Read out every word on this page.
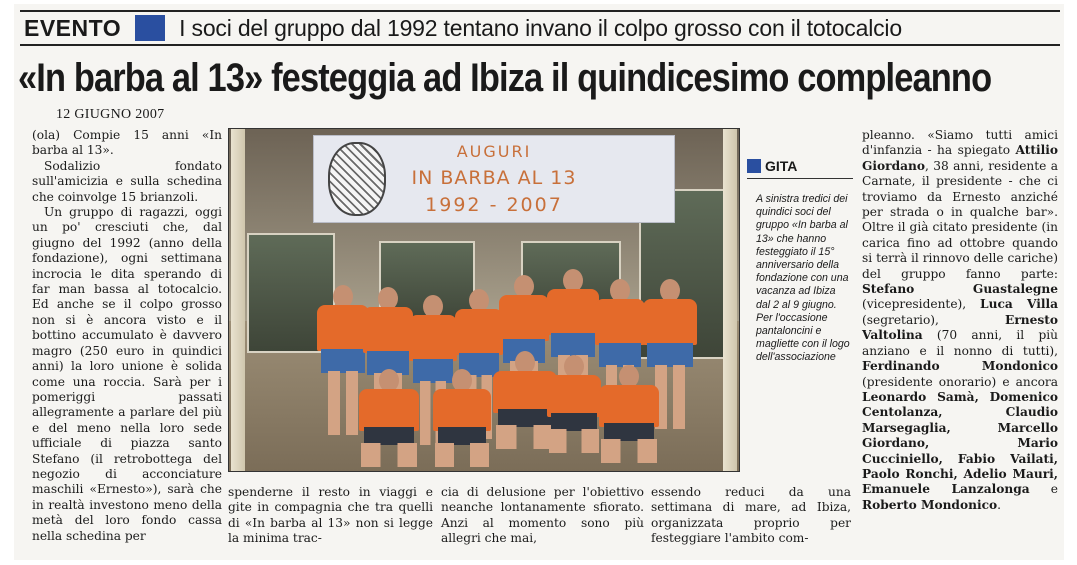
EVENTO	I soci del gruppo dal 1992 tentano invano il colpo grosso con il totocalcio
«In barba al 13» festeggia ad Ibiza il quindicesimo compleanno
12 GIUGNO 2007

(ola) Compie 15 anni «In barba al 13».

Sodalizio fondato sull'amicizia e sulla schedina che coinvolge 15 brianzoli.

Un gruppo di ragazzi, oggi un po' cresciuti che, dal giugno del 1992 (anno della fondazione), ogni settimana incrocia le dita sperando di far man bassa al totocalcio. Ed anche se il colpo grosso non si è ancora visto e il bottino accumulato è davvero magro (250 euro in quindici anni) la loro unione è solida come una roccia. Sarà per i pomeriggi passati allegramente a parlare del più e del meno nella loro sede ufficiale di piazza santo Stefano (il retrobottega del negozio di acconciature maschili «Ernesto»), sarà che in realtà investono meno della metà del loro fondo cassa nella schedina per

AUGURI
IN BARBA AL 13
1992 - 2007
GITA
A sinistra tredici dei quindici soci del gruppo «In barba al 13» che hanno festeggiato il 15° anniversario della fondazione con una vacanza ad Ibiza dal 2 al 9 giugno. Per l'occasione pantaloncini e magliette con il logo dell'associazione
spenderne il resto in viaggi e gite in compagnia che tra quelli di «In barba al 13» non si legge la minima trac-
cia di delusione per l'obiettivo neanche lontanamente sfiorato. Anzi al momento sono più allegri che mai,
essendo reduci da una settimana di mare, ad Ibiza, organizzata proprio per festeggiare l'ambito com-

pleanno. «Siamo tutti amici d'infanzia - ha spiegato Attilio Giordano, 38 anni, residente a Carnate, il presidente - che ci troviamo da Ernesto anziché per strada o in qualche bar». Oltre il già citato presidente (in carica fino ad ottobre quando si terrà il rinnovo delle cariche) del gruppo fanno parte: Stefano Guastalegne (vicepresidente), Luca Villa (segretario), Ernesto Valtolina (70 anni, il più anziano e il nonno di tutti), Ferdinando Mondonico (presidente onorario) e ancora Leonardo Samà, Domenico Centolanza, Claudio Marsegaglia, Marcello Giordano, Mario Cucciniello, Fabio Vailati, Paolo Ronchi, Adelio Mauri, Emanuele Lanzalonga e Roberto Mondonico.
